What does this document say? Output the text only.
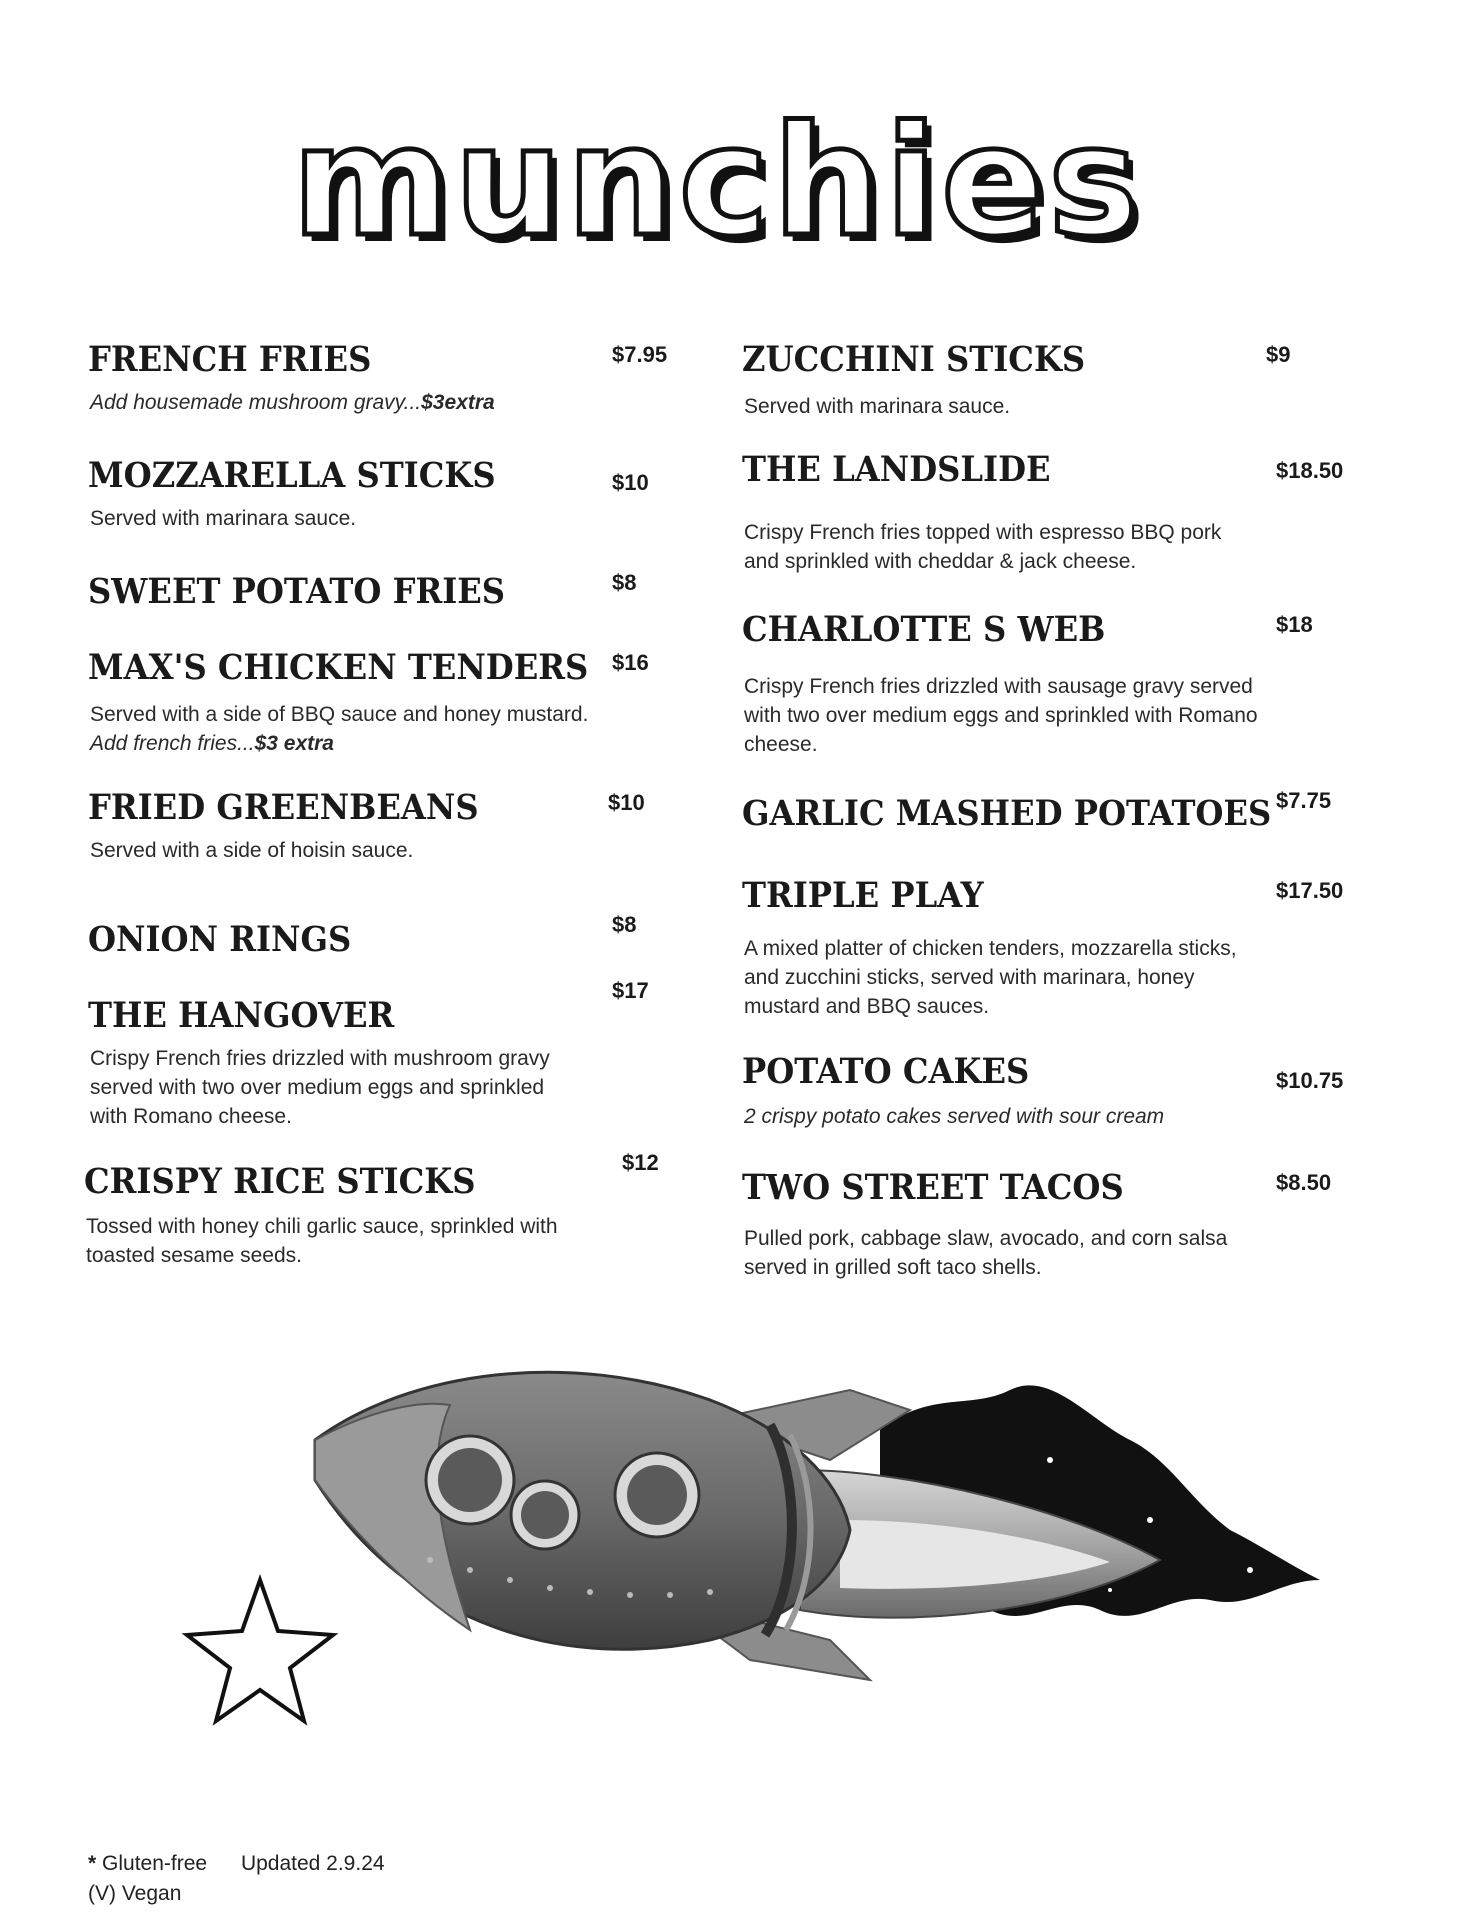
munchies
FRENCH FRIES	$7.95
Add housemade mushroom gravy...$3extra
MOZZARELLA STICKS	$10
Served with marinara sauce.
SWEET POTATO FRIES	$8
MAX'S CHICKEN TENDERS $16
Served with a side of BBQ sauce and honey mustard.
Add french fries...$3 extra
FRIED GREENBEANS	$10
Served with a side of hoisin sauce.
ONION RINGS	$8
THE HANGOVER
$17
Crispy French fries drizzled with mushroom gravy served with two over medium eggs and sprinkled with Romano cheese.
CRISPY RICE STICKS	$12
Tossed with honey chili garlic sauce, sprinkled with toasted sesame seeds.
ZUCCHINI STICKS	$9
Served with marinara sauce.
THE LANDSLIDE	$18.50
Crispy French fries topped with espresso BBQ pork and sprinkled with cheddar & jack cheese.
CHARLOTTE S WEB	$18
Crispy French fries drizzled with sausage gravy served with two over medium eggs and sprinkled with Romano cheese.
GARLIC MASHED POTATOES $7.75
TRIPLE PLAY	$17.50
A mixed platter of chicken tenders, mozzarella sticks, and zucchini sticks, served with marinara, honey mustard and BBQ sauces.
POTATO CAKES	$10.75
2 crispy potato cakes served with sour cream
TWO STREET TACOS	$8.50
Pulled pork, cabbage slaw, avocado, and corn salsa served in grilled soft taco shells.
* Gluten-free Updated 2.9.24
(V) Vegan
